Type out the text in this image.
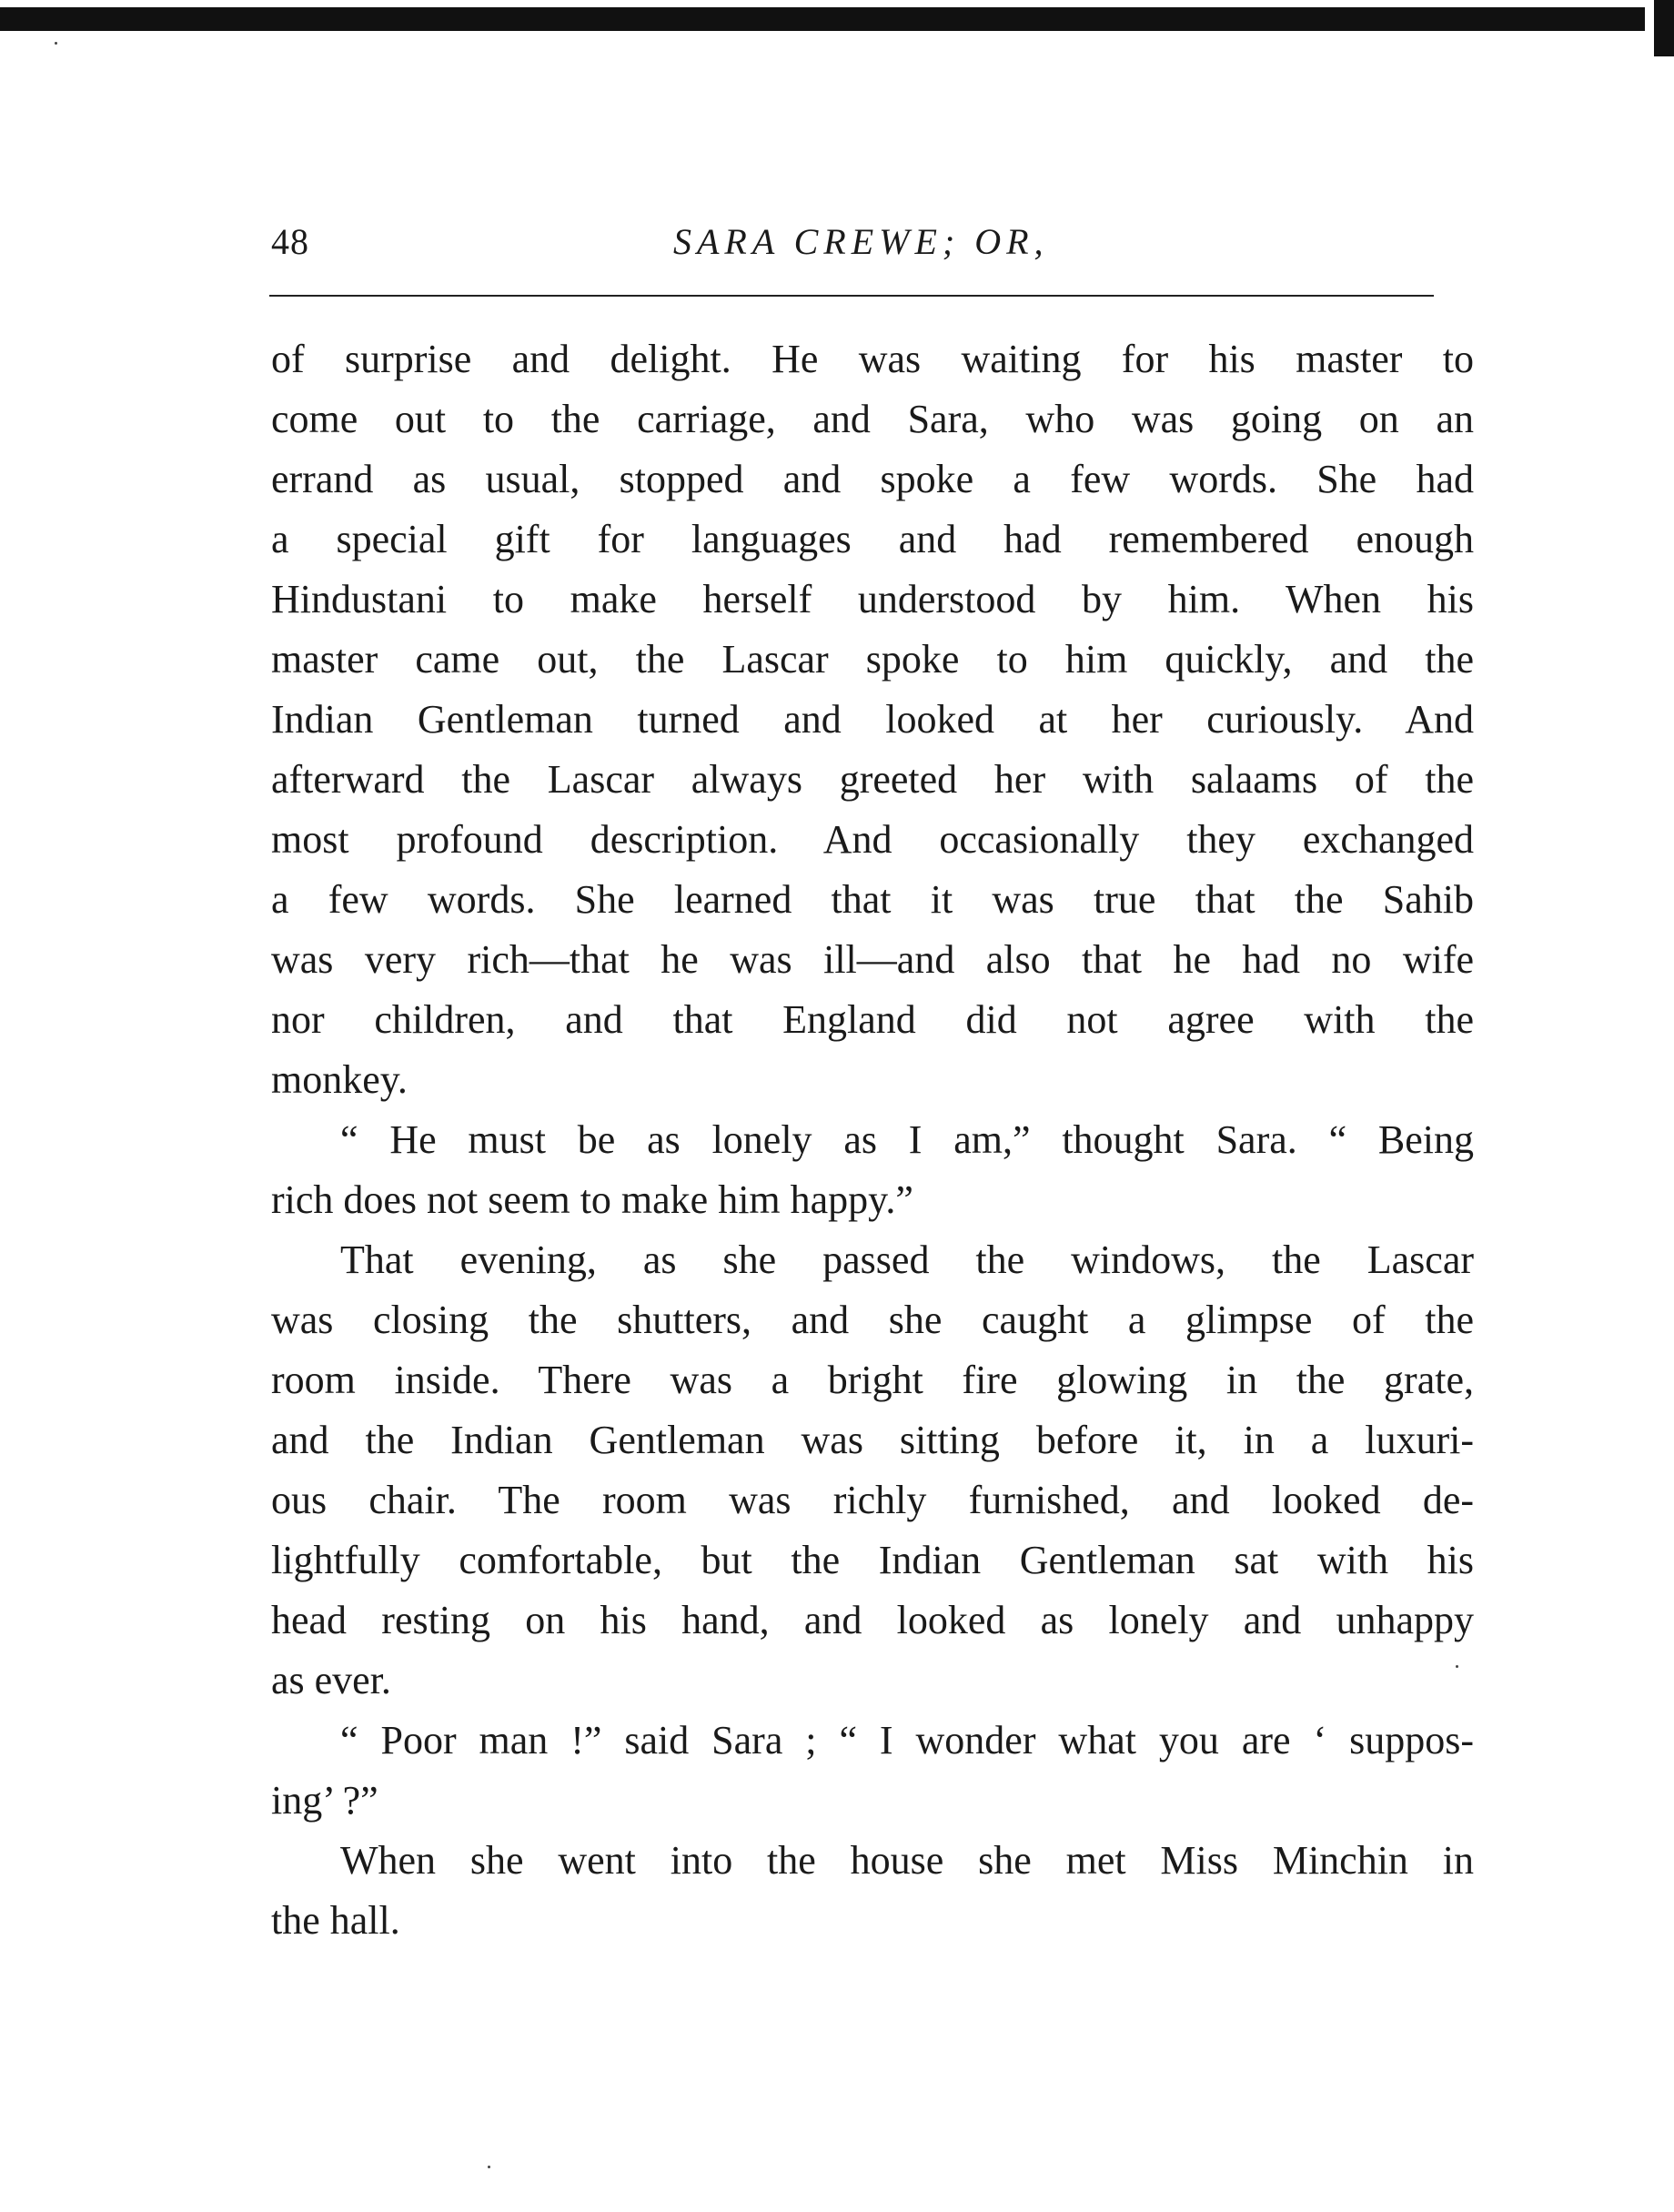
48	SARA CREWE; OR,
of surprise and delight. He was waiting for his master to
come out to the carriage, and Sara, who was going on an
errand as usual, stopped and spoke a few words. She had
a special gift for languages and had remembered enough
Hindustani to make herself understood by him. When his
master came out, the Lascar spoke to him quickly, and the
Indian Gentleman turned and looked at her curiously. And
afterward the Lascar always greeted her with salaams of the
most profound description. And occasionally they exchanged
a few words. She learned that it was true that the Sahib
was very rich—that he was ill—and also that he had no wife
nor children, and that England did not agree with the
monkey.
“ He must be as lonely as I am,” thought Sara. “ Being
rich does not seem to make him happy.”
That evening, as she passed the windows, the Lascar
was closing the shutters, and she caught a glimpse of the
room inside. There was a bright fire glowing in the grate,
and the Indian Gentleman was sitting before it, in a luxuri-
ous chair. The room was richly furnished, and looked de-
lightfully comfortable, but the Indian Gentleman sat with his
head resting on his hand, and looked as lonely and unhappy
as ever.
“ Poor man !” said Sara ; “ I wonder what you are ‘ suppos-
ing’ ?”
When she went into the house she met Miss Minchin in
the hall.
